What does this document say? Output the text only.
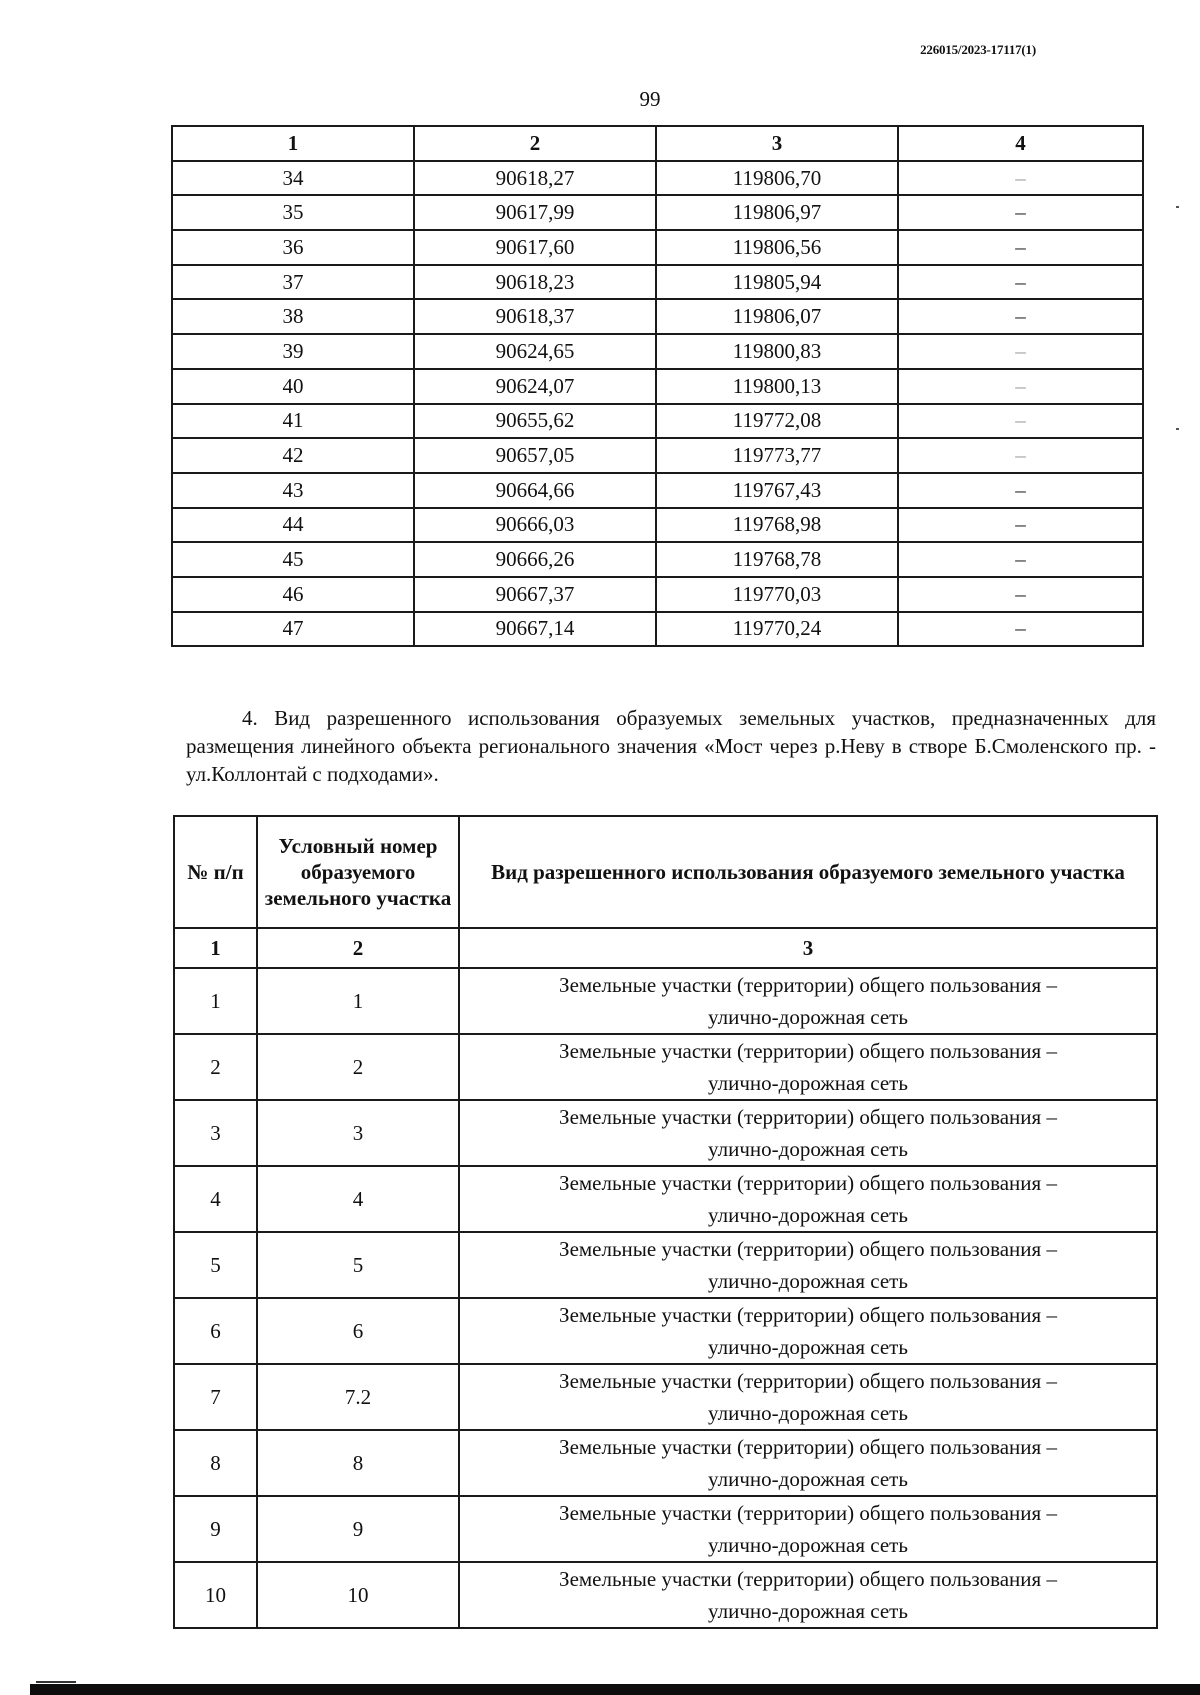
226015/2023-17117(1)
99
1	2	3	4
34	90618,27	119806,70	–
35	90617,99	119806,97	–
36	90617,60	119806,56	–
37	90618,23	119805,94	–
38	90618,37	119806,07	–
39	90624,65	119800,83	–
40	90624,07	119800,13	–
41	90655,62	119772,08	–
42	90657,05	119773,77	–
43	90664,66	119767,43	–
44	90666,03	119768,98	–
45	90666,26	119768,78	–
46	90667,37	119770,03	–
47	90667,14	119770,24	–
4. Вид разрешенного использования образуемых земельных участков, предназначенных для размещения линейного объекта регионального значения «Мост через р.Неву в створе Б.Смоленского пр. - ул.Коллонтай с подходами».
№ п/п	Условный номер образуемого земельного участка	Вид разрешенного использования образуемого земельного участка
1	2	3
1	1	Земельные участки (территории) общего пользования –
улично-дорожная сеть

2	2	Земельные участки (территории) общего пользования –
улично-дорожная сеть

3	3	Земельные участки (территории) общего пользования –
улично-дорожная сеть

4	4	Земельные участки (территории) общего пользования –
улично-дорожная сеть

5	5	Земельные участки (территории) общего пользования –
улично-дорожная сеть

6	6	Земельные участки (территории) общего пользования –
улично-дорожная сеть

7	7.2	Земельные участки (территории) общего пользования –
улично-дорожная сеть

8	8	Земельные участки (территории) общего пользования –
улично-дорожная сеть

9	9	Земельные участки (территории) общего пользования –
улично-дорожная сеть

10	10	Земельные участки (территории) общего пользования –
улично-дорожная сеть
